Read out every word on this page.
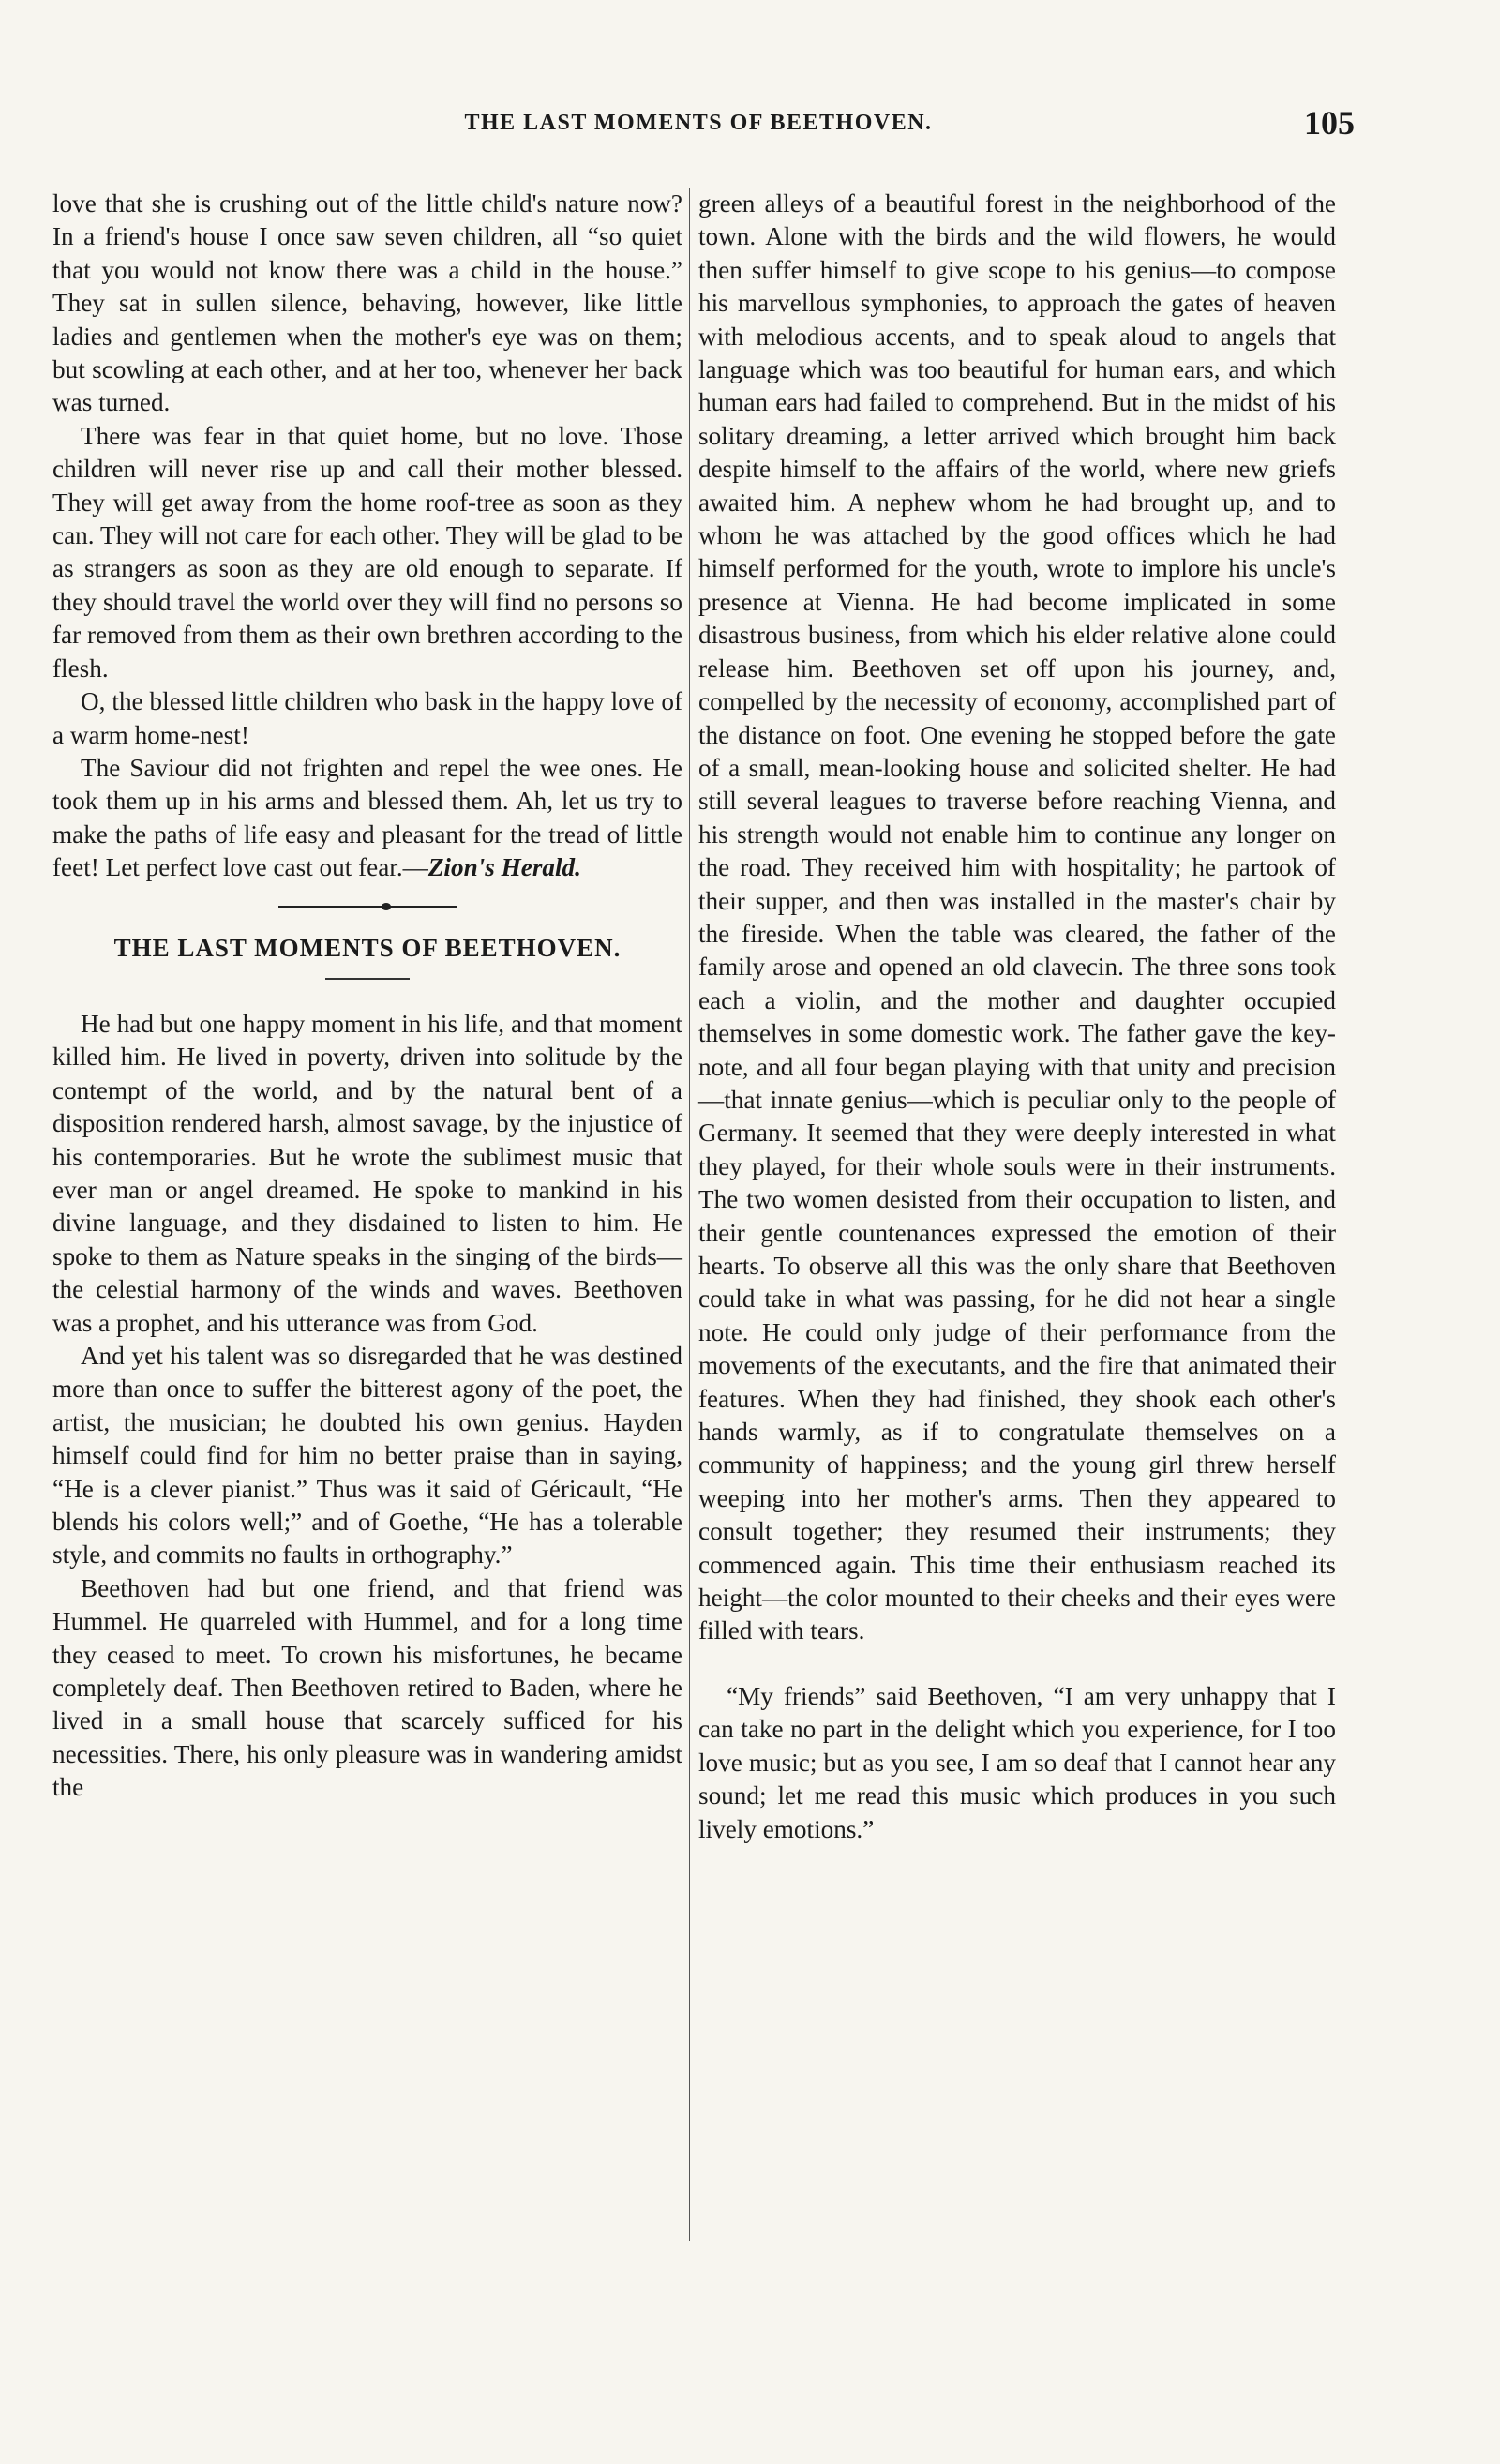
THE LAST MOMENTS OF BEETHOVEN.	105

love that she is crushing out of the little child's nature now? In a friend's house I once saw seven children, all “so quiet that you would not know there was a child in the house.” They sat in sullen silence, behaving, however, like little ladies and gentlemen when the mother's eye was on them; but scowling at each other, and at her too, whenever her back was turned.

There was fear in that quiet home, but no love. Those children will never rise up and call their mother blessed. They will get away from the home roof-tree as soon as they can. They will not care for each other. They will be glad to be as strangers as soon as they are old enough to separate. If they should travel the world over they will find no persons so far removed from them as their own brethren according to the flesh.

O, the blessed little children who bask in the happy love of a warm home-nest!

The Saviour did not frighten and repel the wee ones. He took them up in his arms and blessed them. Ah, let us try to make the paths of life easy and pleasant for the tread of little feet! Let perfect love cast out fear.—Zion's Herald.

THE LAST MOMENTS OF BEETHOVEN.

He had but one happy moment in his life, and that moment killed him. He lived in poverty, driven into solitude by the contempt of the world, and by the natural bent of a disposition rendered harsh, almost savage, by the injustice of his contemporaries. But he wrote the sublimest music that ever man or angel dreamed. He spoke to mankind in his divine language, and they disdained to listen to him. He spoke to them as Nature speaks in the singing of the birds—the celestial harmony of the winds and waves. Beethoven was a prophet, and his utterance was from God.

And yet his talent was so disregarded that he was destined more than once to suffer the bitterest agony of the poet, the artist, the musician; he doubted his own genius. Hayden himself could find for him no better praise than in saying, “He is a clever pianist.” Thus was it said of Géricault, “He blends his colors well;” and of Goethe, “He has a tolerable style, and commits no faults in orthography.”

Beethoven had but one friend, and that friend was Hummel. He quarreled with Hummel, and for a long time they ceased to meet. To crown his misfortunes, he became completely deaf. Then Beethoven retired to Baden, where he lived in a small house that scarcely sufficed for his necessities. There, his only pleasure was in wandering amidst the

green alleys of a beautiful forest in the neighborhood of the town. Alone with the birds and the wild flowers, he would then suffer himself to give scope to his genius—to compose his marvellous symphonies, to approach the gates of heaven with melodious accents, and to speak aloud to angels that language which was too beautiful for human ears, and which human ears had failed to comprehend. But in the midst of his solitary dreaming, a letter arrived which brought him back despite himself to the affairs of the world, where new griefs awaited him. A nephew whom he had brought up, and to whom he was attached by the good offices which he had himself performed for the youth, wrote to implore his uncle's presence at Vienna. He had become implicated in some disastrous business, from which his elder relative alone could release him. Beethoven set off upon his journey, and, compelled by the necessity of economy, accomplished part of the distance on foot. One evening he stopped before the gate of a small, mean-looking house and solicited shelter. He had still several leagues to traverse before reaching Vienna, and his strength would not enable him to continue any longer on the road. They received him with hospitality; he partook of their supper, and then was installed in the master's chair by the fireside. When the table was cleared, the father of the family arose and opened an old clavecin. The three sons took each a violin, and the mother and daughter occupied themselves in some domestic work. The father gave the key-note, and all four began playing with that unity and precision—that innate genius—which is peculiar only to the people of Germany. It seemed that they were deeply interested in what they played, for their whole souls were in their instruments. The two women desisted from their occupation to listen, and their gentle countenances expressed the emotion of their hearts. To observe all this was the only share that Beethoven could take in what was passing, for he did not hear a single note. He could only judge of their performance from the movements of the executants, and the fire that animated their features. When they had finished, they shook each other's hands warmly, as if to congratulate themselves on a community of happiness; and the young girl threw herself weeping into her mother's arms. Then they appeared to consult together; they resumed their instruments; they commenced again. This time their enthusiasm reached its height—the color mounted to their cheeks and their eyes were filled with tears.

“My friends” said Beethoven, “I am very unhappy that I can take no part in the delight which you experience, for I too love music; but as you see, I am so deaf that I cannot hear any sound; let me read this music which produces in you such lively emotions.”
